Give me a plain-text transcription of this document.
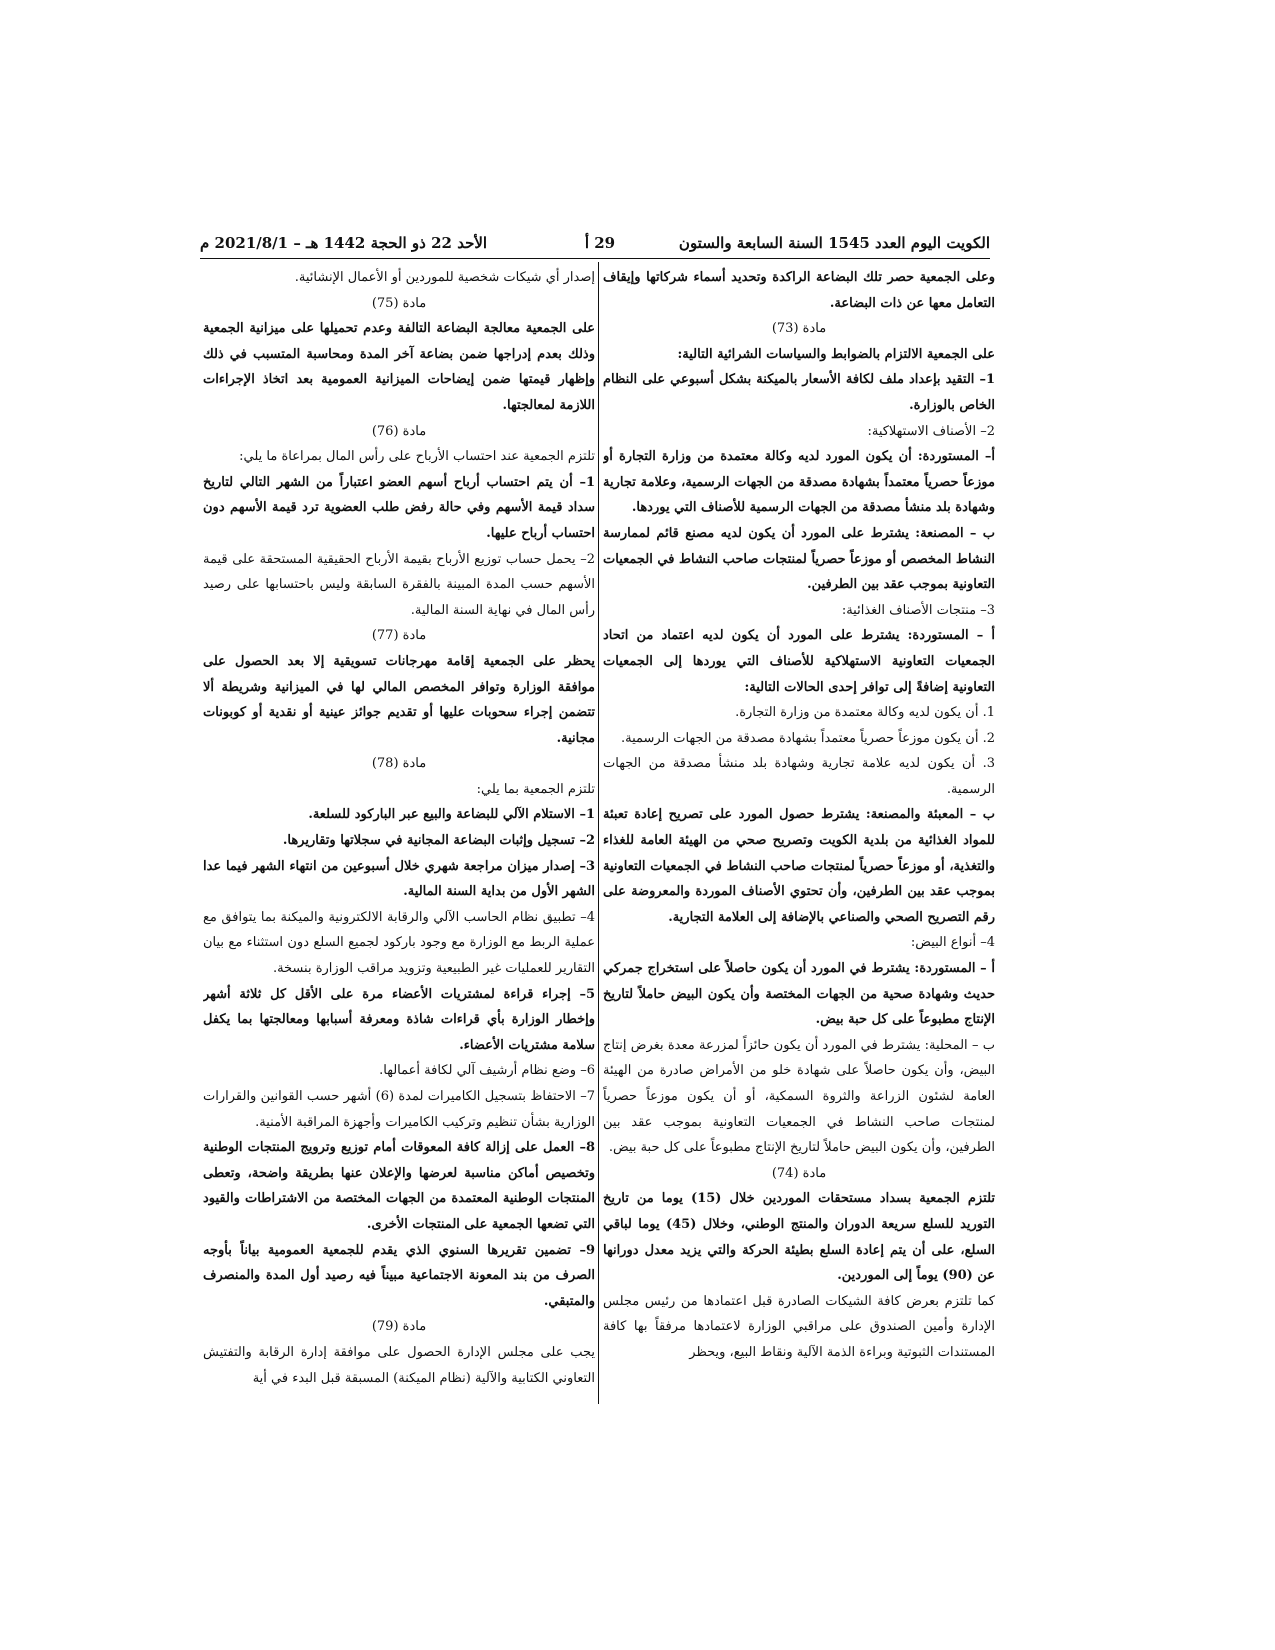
الكويت اليوم العدد 1545 السنة السابعة والستون
29 أ
الأحد 22 ذو الحجة 1442 هـ – 2021/8/1 م

وعلى الجمعية حصر تلك البضاعة الراكدة وتحديد أسماء شركاتها وإيقاف التعامل معها عن ذات البضاعة.

مادة (73)

على الجمعية الالتزام بالضوابط والسياسات الشرائية التالية:

1– التقيد بإعداد ملف لكافة الأسعار بالميكنة بشكل أسبوعي على النظام الخاص بالوزارة.

2– الأصناف الاستهلاكية:

أ– المستوردة: أن يكون المورد لديه وكالة معتمدة من وزارة التجارة أو موزعاً حصرياً معتمداً بشهادة مصدقة من الجهات الرسمية، وعلامة تجارية وشهادة بلد منشأ مصدقة من الجهات الرسمية للأصناف التي يوردها.

ب – المصنعة: يشترط على المورد أن يكون لديه مصنع قائم لممارسة النشاط المخصص أو موزعاً حصرياً لمنتجات صاحب النشاط في الجمعيات التعاونية بموجب عقد بين الطرفين.

3– منتجات الأصناف الغذائية:

أ – المستوردة: يشترط على المورد أن يكون لديه اعتماد من اتحاد الجمعيات التعاونية الاستهلاكية للأصناف التي يوردها إلى الجمعيات التعاونية إضافةً إلى توافر إحدى الحالات التالية:

1. أن يكون لديه وكالة معتمدة من وزارة التجارة.

2. أن يكون موزعاً حصرياً معتمداً بشهادة مصدقة من الجهات الرسمية.

3. أن يكون لديه علامة تجارية وشهادة بلد منشأ مصدقة من الجهات الرسمية.

ب – المعبئة والمصنعة: يشترط حصول المورد على تصريح إعادة تعبئة للمواد الغذائية من بلدية الكويت وتصريح صحي من الهيئة العامة للغذاء والتغذية، أو موزعاً حصرياً لمنتجات صاحب النشاط في الجمعيات التعاونية بموجب عقد بين الطرفين، وأن تحتوي الأصناف الموردة والمعروضة على رقم التصريح الصحي والصناعي بالإضافة إلى العلامة التجارية.

4– أنواع البيض:

أ – المستوردة: يشترط في المورد أن يكون حاصلاً على استخراج جمركي حديث وشهادة صحية من الجهات المختصة وأن يكون البيض حاملاً لتاريخ الإنتاج مطبوعاً على كل حبة بيض.

ب – المحلية: يشترط في المورد أن يكون حائزاً لمزرعة معدة بغرض إنتاج البيض، وأن يكون حاصلاً على شهادة خلو من الأمراض صادرة من الهيئة العامة لشئون الزراعة والثروة السمكية، أو أن يكون موزعاً حصرياً لمنتجات صاحب النشاط في الجمعيات التعاونية بموجب عقد بين الطرفين، وأن يكون البيض حاملاً لتاريخ الإنتاج مطبوعاً على كل حبة بيض.

مادة (74)

تلتزم الجمعية بسداد مستحقات الموردين خلال (15) يوما من تاريخ التوريد للسلع سريعة الدوران والمنتج الوطني، وخلال (45) يوما لباقي السلع، على أن يتم إعادة السلع بطيئة الحركة والتي يزيد معدل دورانها عن (90) يوماً إلى الموردين.

كما تلتزم بعرض كافة الشيكات الصادرة قبل اعتمادها من رئيس مجلس الإدارة وأمين الصندوق على مراقبي الوزارة لاعتمادها مرفقاً بها كافة المستندات الثبوتية وبراءة الذمة الآلية ونقاط البيع، ويحظر

إصدار أي شيكات شخصية للموردين أو الأعمال الإنشائية.

مادة (75)

على الجمعية معالجة البضاعة التالفة وعدم تحميلها على ميزانية الجمعية وذلك بعدم إدراجها ضمن بضاعة آخر المدة ومحاسبة المتسبب في ذلك وإظهار قيمتها ضمن إيضاحات الميزانية العمومية بعد اتخاذ الإجراءات اللازمة لمعالجتها.

مادة (76)

تلتزم الجمعية عند احتساب الأرباح على رأس المال بمراعاة ما يلي:

1– أن يتم احتساب أرباح أسهم العضو اعتباراً من الشهر التالي لتاريخ سداد قيمة الأسهم وفي حالة رفض طلب العضوية ترد قيمة الأسهم دون احتساب أرباح عليها.

2– يحمل حساب توزيع الأرباح بقيمة الأرباح الحقيقية المستحقة على قيمة الأسهم حسب المدة المبينة بالفقرة السابقة وليس باحتسابها على رصيد رأس المال في نهاية السنة المالية.

مادة (77)

يحظر على الجمعية إقامة مهرجانات تسويقية إلا بعد الحصول على موافقة الوزارة وتوافر المخصص المالي لها في الميزانية وشريطة ألا تتضمن إجراء سحوبات عليها أو تقديم جوائز عينية أو نقدية أو كوبونات مجانية.

مادة (78)

تلتزم الجمعية بما يلي:

1– الاستلام الآلي للبضاعة والبيع عبر الباركود للسلعة.

2– تسجيل وإثبات البضاعة المجانية في سجلاتها وتقاريرها.

3– إصدار ميزان مراجعة شهري خلال أسبوعين من انتهاء الشهر فيما عدا الشهر الأول من بداية السنة المالية.

4– تطبيق نظام الحاسب الآلي والرقابة الالكترونية والميكنة بما يتوافق مع عملية الربط مع الوزارة مع وجود باركود لجميع السلع دون استثناء مع بيان التقارير للعمليات غير الطبيعية وتزويد مراقب الوزارة بنسخة.

5– إجراء قراءة لمشتريات الأعضاء مرة على الأقل كل ثلاثة أشهر وإخطار الوزارة بأي قراءات شاذة ومعرفة أسبابها ومعالجتها بما يكفل سلامة مشتريات الأعضاء.

6– وضع نظام أرشيف آلي لكافة أعمالها.

7– الاحتفاظ بتسجيل الكاميرات لمدة (6) أشهر حسب القوانين والقرارات الوزارية بشأن تنظيم وتركيب الكاميرات وأجهزة المراقبة الأمنية.

8– العمل على إزالة كافة المعوقات أمام توزيع وترويج المنتجات الوطنية وتخصيص أماكن مناسبة لعرضها والإعلان عنها بطريقة واضحة، وتعطى المنتجات الوطنية المعتمدة من الجهات المختصة من الاشتراطات والقيود التي تضعها الجمعية على المنتجات الأخرى.

9– تضمين تقريرها السنوي الذي يقدم للجمعية العمومية بياناً بأوجه الصرف من بند المعونة الاجتماعية مبيناً فيه رصيد أول المدة والمنصرف والمتبقي.

مادة (79)

يجب على مجلس الإدارة الحصول على موافقة إدارة الرقابة والتفتيش التعاوني الكتابية والآلية (نظام الميكنة) المسبقة قبل البدء في أية
